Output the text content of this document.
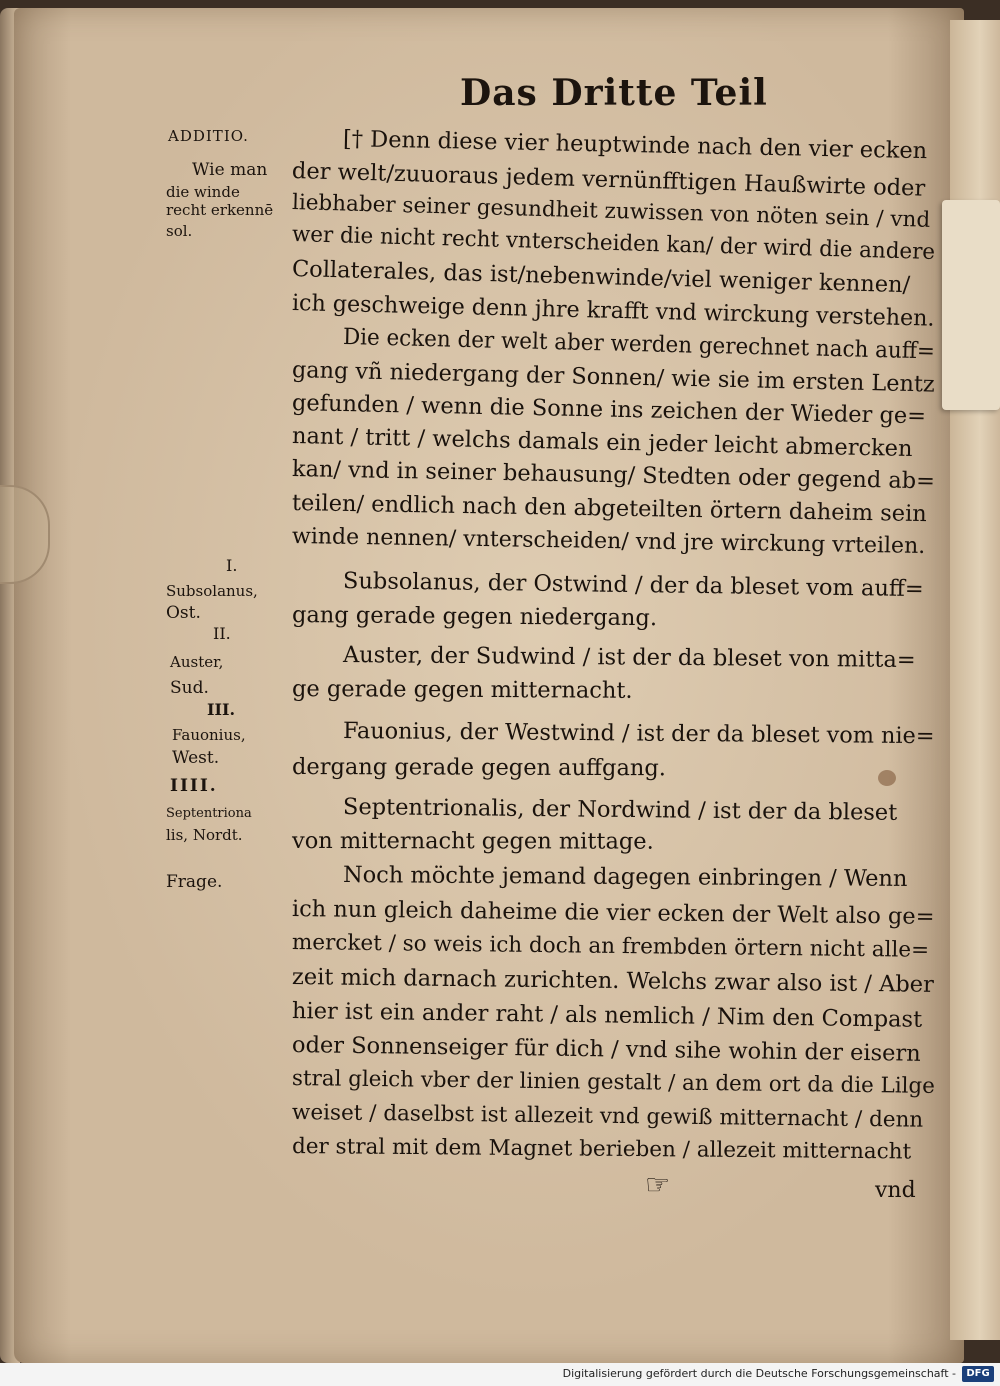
Das Dritte Teil
ADDITIO.
Wie man
die winde
recht erkennē
sol.
I.
Subsolanus,
Ost.
II.
Auster,
Sud.
III.
Fauonius,
West.
IIII.
Septentriona
lis, Nordt.
Frage.
[† Denn diese vier heuptwinde nach den vier ecken
der welt/zuuoraus jedem vernünfftigen Haußwirte oder
liebhaber seiner gesundheit zuwissen von nöten sein / vnd
wer die nicht recht vnterscheiden kan/ der wird die andere
Collaterales, das ist/nebenwinde/viel weniger kennen/
ich geschweige denn jhre krafft vnd wirckung verstehen.
Die ecken der welt aber werden gerechnet nach auff=
gang vñ niedergang der Sonnen/ wie sie im ersten Lentz
gefunden / wenn die Sonne ins zeichen der Wieder ge=
nant / tritt / welchs damals ein jeder leicht abmercken
kan/ vnd in seiner behausung/ Stedten oder gegend ab=
teilen/ endlich nach den abgeteilten örtern daheim sein
winde nennen/ vnterscheiden/ vnd jre wirckung vrteilen.
Subsolanus, der Ostwind / der da bleset vom auff=
gang gerade gegen niedergang.
Auster, der Sudwind / ist der da bleset von mitta=
ge gerade gegen mitternacht.
Fauonius, der Westwind / ist der da bleset vom nie=
dergang gerade gegen auffgang.
Septentrionalis, der Nordwind / ist der da bleset
von mitternacht gegen mittage.
Noch möchte jemand dagegen einbringen / Wenn
ich nun gleich daheime die vier ecken der Welt also ge=
mercket / so weis ich doch an frembden örtern nicht alle=
zeit mich darnach zurichten. Welchs zwar also ist / Aber
hier ist ein ander raht / als nemlich / Nim den Compast
oder Sonnenseiger für dich / vnd sihe wohin der eisern
stral gleich vber der linien gestalt / an dem ort da die Lilge
weiset / daselbst ist allezeit vnd gewiß mitternacht / denn
der stral mit dem Magnet berieben / allezeit mitternacht
☞	vnd
Digitalisierung gefördert durch die Deutsche Forschungsgemeinschaft -	DFG
